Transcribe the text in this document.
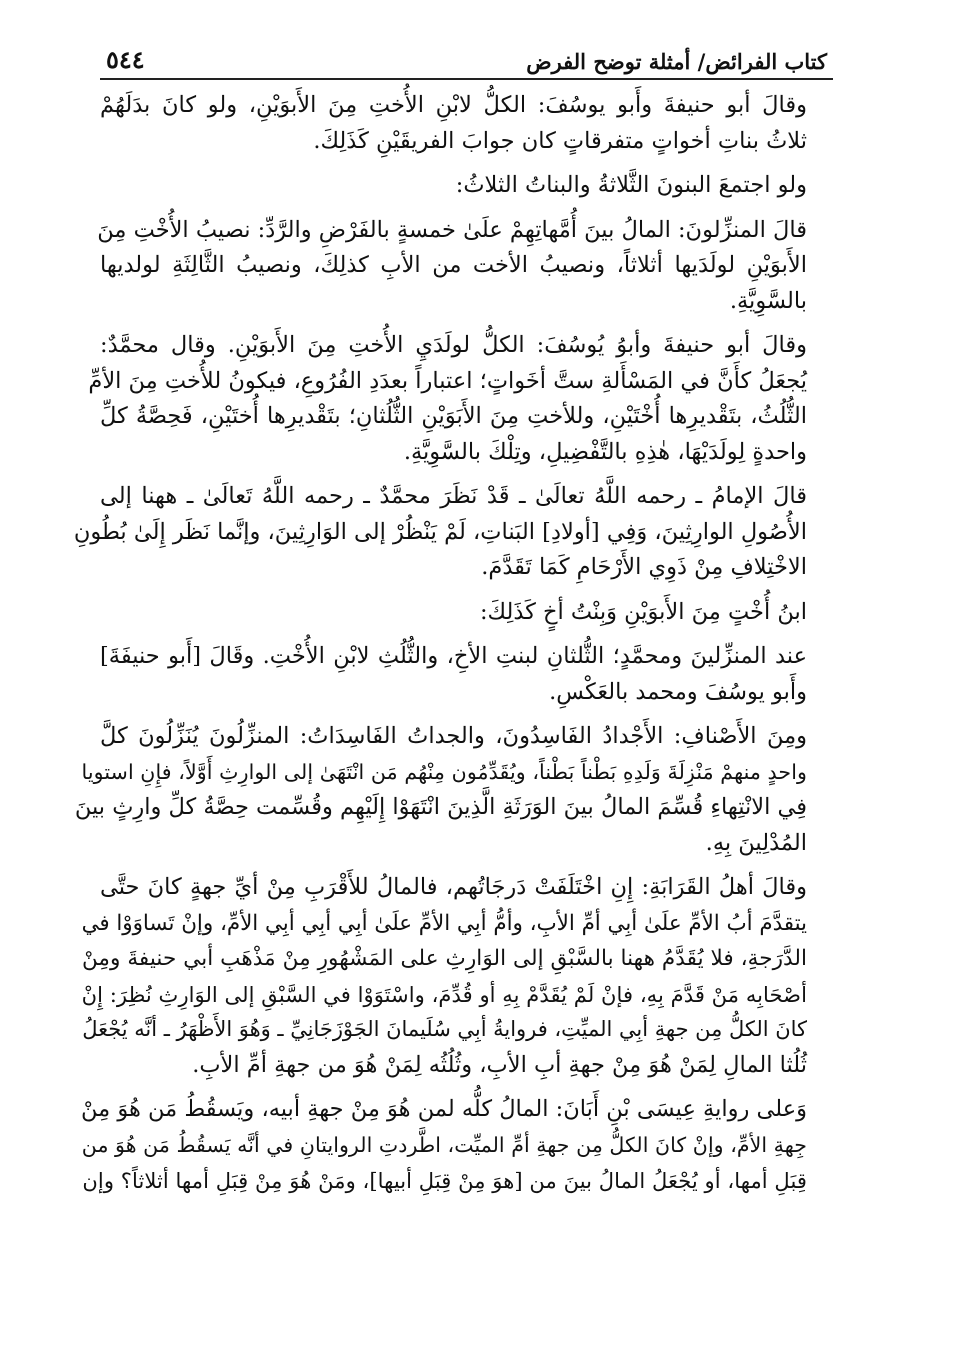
كتاب الفرائض/ أمثلة توضح الفرض
٥٤٤

وقالَ أبو حنيفةَ وأَبو يوسُفَ: الكلُّ لابْنِ الأُختِ مِنَ الأَبوَيْنِ، ولو كانَ بدَلَهُمْ
ثلاثُ بناتِ أخواتٍ متفرقاتٍ كان جوابَ الفريقَيْنِ كَذَلِكَ.

ولو اجتمعَ البنونَ الثَّلاثةُ والبناتُ الثلاثُ:

قالَ المنزِّلونَ: المالُ بينَ أُمَّهاتِهِمْ علَىٰ خمسةٍ بالفَرْضِ والرَّدِّ: نصيبُ الأُخْتِ مِنَ
الأَبوَيْنِ لولَدَيها أثلاثاً، ونصيبُ الأخت من الأبِ كذلِكَ، ونصيبُ الثَّالِثَةِ لولديها
بالسَّوِيَّةِ.

وقالَ أبو حنيفةَ وأبوُ يُوسُفَ: الكلُّ لولَدَيِ الأُختِ مِنَ الأَبوَيْنِ. وقال محمَّدٌ:
يُجعَلُ كأَنَّ في المَسْأَلةِ ستَّ أخَواتٍ؛ اعتباراً بعدَدِ الفُرُوعِ، فيكونُ للأُختِ مِنَ الأمِّ
الثُّلُثُ، بتَقْديرِها أُخْتَيْنِ، وللأختِ مِنَ الأَبَوَيْنِ الثُّلُثانِ؛ بتَقْديرِها أُختَيْنِ، فَحِصَّةُ كلِّ
واحدةٍ لِولَدَيْهَا، هٰذِهِ بالتَّفْضِيلِ، وتِلْكَ بالسَّوِيَّةِ.

قالَ الإمامُ ـ رحمه اللَّهُ تعالَىٰ ـ قَدْ نَظَرَ محمَّدٌ ـ رحمه اللَّهُ تَعالَىٰ ـ ههنا إلى
الأُصُولِ الوارِثِينَ، وَفِي [أولادِ] البَناتِ، لَمْ يَنْظُرْ إلى الوَارِثِينَ، وإنَّما نَظَر إِلَىٰ بُطُونِ
الاخْتِلافِ مِنْ ذَوِي الأَرْحَامِ كَمَا تَقَدَّمَ.

ابنُ أُخْتٍ مِنَ الأَبوَيْنِ وَبِنْتُ أخٍ كَذَلِكَ:

عند المنزِّلينَ ومحمَّدٍ؛ الثُّلثانِ لبنتِ الأخِ، والثُّلُثِ لابْنِ الأُخْتِ. وقَالَ [أَبو حنيفَةَ]
وأَبو يوسُفَ ومحمد بالعَكْسِ.

ومِنَ الأَصْنافِ: الأَجْدادُ الفَاسِدُونَ، والجداتُ الفَاسِدَاتُ: المنزِّلُونَ يُنَزِّلُونَ كلَّ
واحدٍ منهمْ مَنْزِلَةَ وَلَدِهِ بَطْناً بَطْناً، ويُقَدِّمُون مِنْهُم مَن انْتَهَىٰ إلى الوارِثِ أَوَّلاً، فإِنِ استويا
فِي الانْتِهاءِ قُسِّمَ المالُ بينَ الوَرَثَةِ الَّذِينَ انْتَهَوْا إِلَيْهِم وقُسِّمت حِصَّةُ كلِّ وارِثٍ بينَ
المُدْلِينَ بِهِ.

وقالَ أهلُ القَرَابَةِ: إِنِ اخْتَلَفَتْ دَرجَاتُهم، فالمالُ للأَقْرَبِ مِنْ أيِّ جهةٍ كانَ حتَّى
يتقدَّمَ أبُ الأمِّ علَىٰ أبِي أمِّ الأبِ، وأمُّ أبِي الأمِّ علَىٰ أبِي أبِي أبِي الأمِّ، وإنْ تَساوَوْا في
الدَّرَجةِ، فلا يُقَدَّمُ ههنا بالسَّبْقِ إلى الوَارِثِ على المَشْهُورِ مِنْ مَذْهَبِ أبي حنيفةَ ومِنْ
أصْحَابِه مَنْ قَدَّمَ بِهِ، فإنْ لَمْ يُقَدَّمْ بِهِ أو قُدِّمَ، واسْتَوَوْا في السَّبْقِ إلى الوَارِثِ نُظِرَ: إِنْ
كانَ الكلُّ مِن جهةِ أبِي الميِّتِ، فروايةُ أبِي سُلَيمانَ الجَوْزَجَانِيِّ ـ وَهُوَ الأَظْهَرُ ـ أنَّه يُجْعَلُ
ثُلُثا المالِ لِمَنْ هُوَ مِنْ جهةِ أبِ الأبِ، وثُلُثُه لِمَنْ هُوَ من جهةِ أمِّ الأبِ.

وَعلى روايةِ عِيسَى بْنِ أَبَانَ: المالُ كلُّه لمن هُوَ مِنْ جهةِ أبيه، ويَسقُطُ مَن هُوَ مِنْ
جِهةِ الأمِّ، وإنْ كانَ الكلُّ مِن جهةِ أمِّ الميِّت، اطَّردتِ الروايتانِ في أنَّه يَسقُطُ مَن هُوَ من
قِبَلِ أمها، أو يُجْعَلُ المالُ بينَ من [هوَ مِنْ قِبَلِ أبيها]، ومَنْ هُوَ مِنْ قِبَلِ أمها أثلاثاً؟ وإن
